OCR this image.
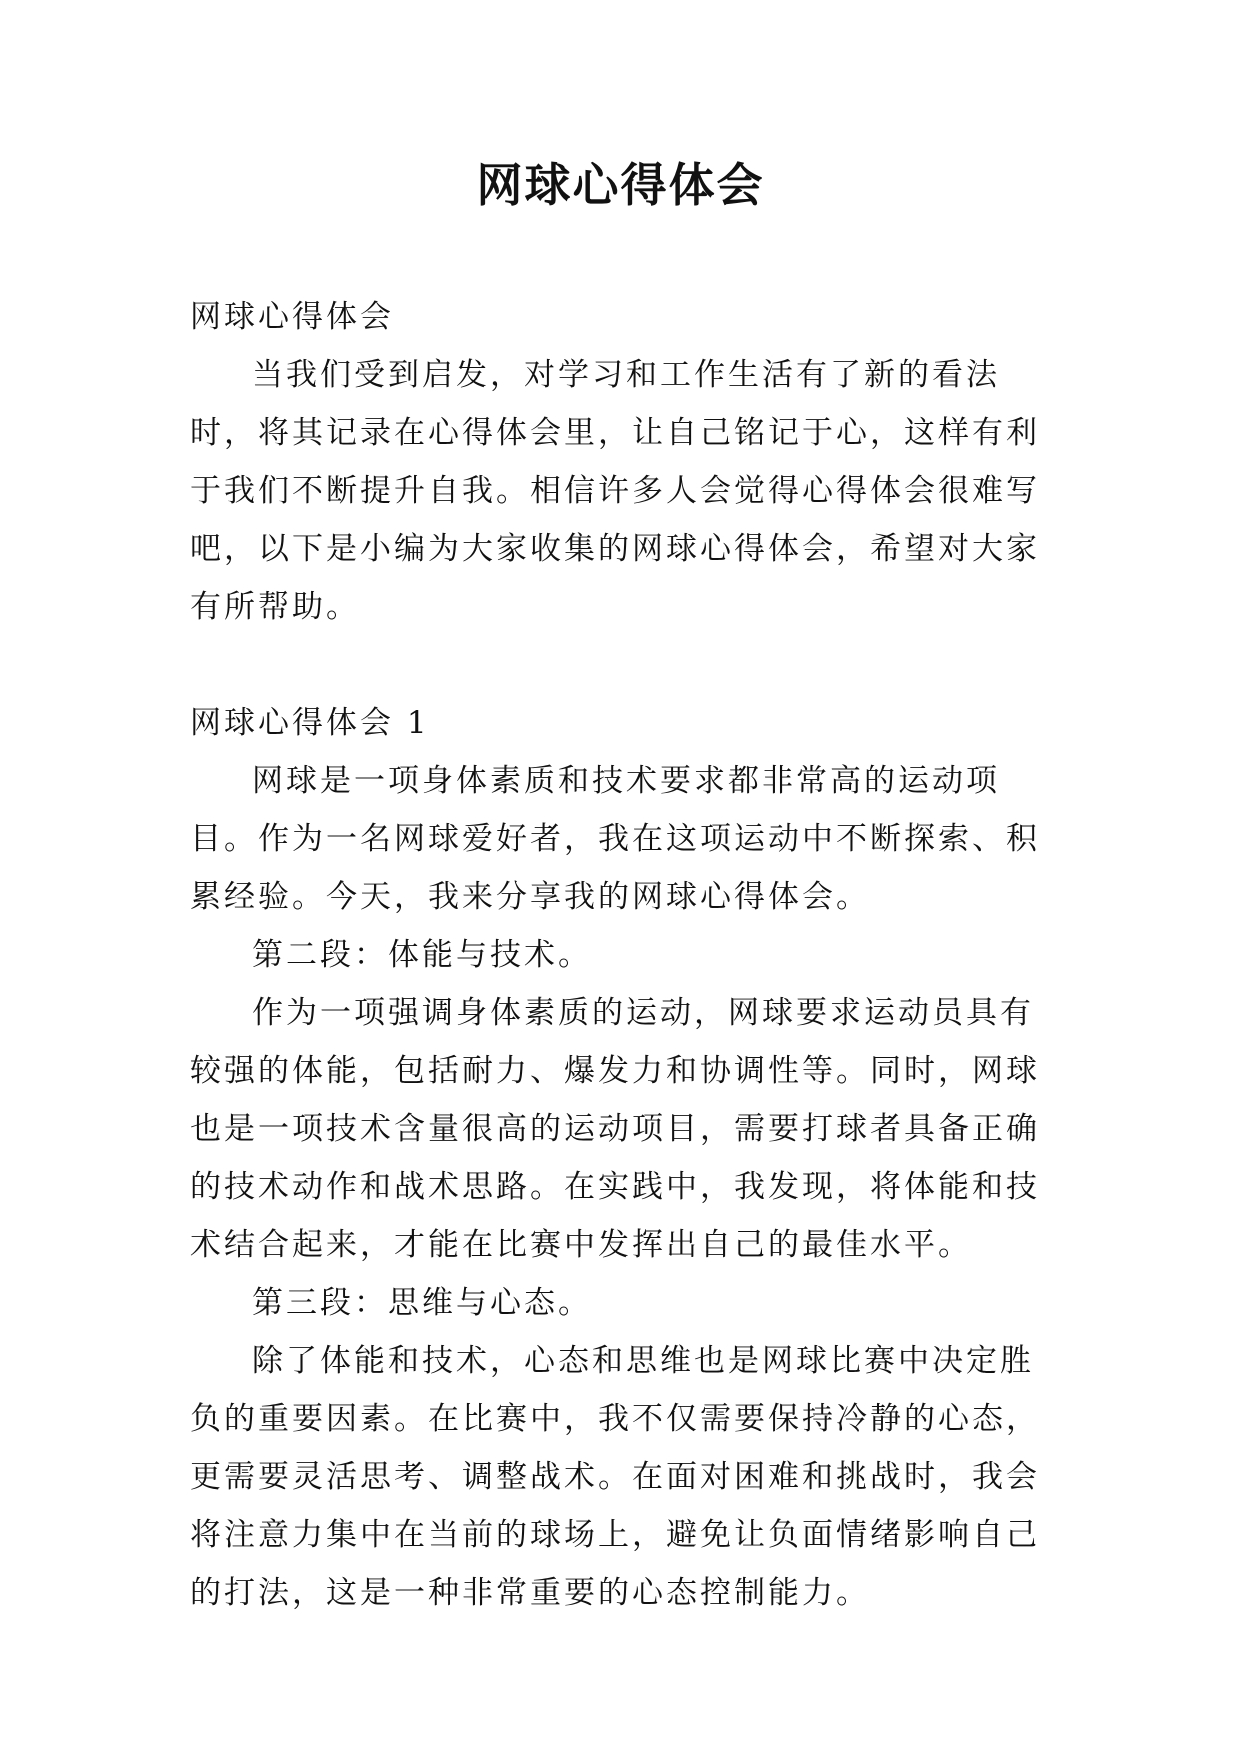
网球心得体会

网球心得体会

当我们受到启发，对学习和工作生活有了新的看法时，将其记录在心得体会里，让自己铭记于心，这样有利于我们不断提升自我。相信许多人会觉得心得体会很难写吧，以下是小编为大家收集的网球心得体会，希望对大家有所帮助。

网球心得体会 1

网球是一项身体素质和技术要求都非常高的运动项目。作为一名网球爱好者，我在这项运动中不断探索、积累经验。今天，我来分享我的网球心得体会。

第二段：体能与技术。

作为一项强调身体素质的运动，网球要求运动员具有较强的体能，包括耐力、爆发力和协调性等。同时，网球也是一项技术含量很高的运动项目，需要打球者具备正确的技术动作和战术思路。在实践中，我发现，将体能和技术结合起来，才能在比赛中发挥出自己的最佳水平。

第三段：思维与心态。

除了体能和技术，心态和思维也是网球比赛中决定胜负的重要因素。在比赛中，我不仅需要保持冷静的心态，更需要灵活思考、调整战术。在面对困难和挑战时，我会将注意力集中在当前的球场上，避免让负面情绪影响自己的打法，这是一种非常重要的心态控制能力。
